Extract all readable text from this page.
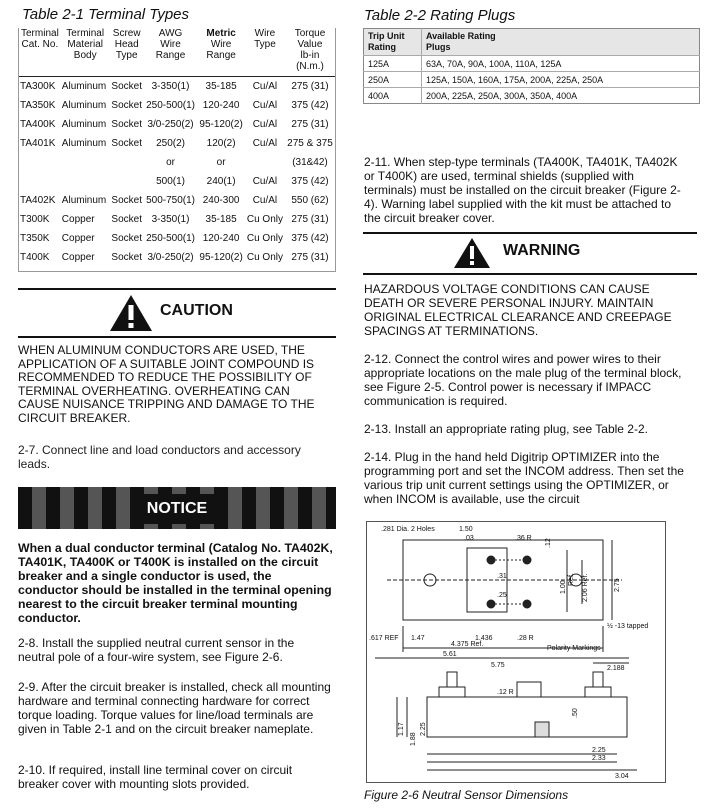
Table 2-1 Terminal Types
Terminal
Cat. No.	Terminal
Material
Body	Screw
Head
Type	AWG
Wire
Range	Metric
Wire
Range	Wire
Type	Torque
Value
lb-in
(N.m.)
TA300K	Aluminum	Socket	3-350(1)	35-185	Cu/Al	275 (31)
TA350K	Aluminum	Socket	250-500(1)	120-240	Cu/Al	375 (42)
TA400K	Aluminum	Socket	3/0-250(2)	95-120(2)	Cu/Al	275 (31)
TA401K	Aluminum	Socket	250(2)	120(2)	Cu/Al	275 & 375
			or	or		(31&42)
			500(1)	240(1)	Cu/Al	375 (42)
TA402K	Aluminum	Socket	500-750(1)	240-300	Cu/Al	550 (62)
T300K	Copper	Socket	3-350(1)	35-185	Cu Only	275 (31)
T350K	Copper	Socket	250-500(1)	120-240	Cu Only	375 (42)
T400K	Copper	Socket	3/0-250(2)	95-120(2)	Cu Only	275 (31)
CAUTION
WHEN ALUMINUM CONDUCTORS ARE USED, THE APPLICATION OF A SUITABLE JOINT COMPOUND IS RECOMMENDED TO REDUCE THE POSSIBILITY OF TERMINAL OVERHEATING. OVERHEATING CAN CAUSE NUISANCE TRIPPING AND DAMAGE TO THE CIRCUIT BREAKER.
2-7. Connect line and load conductors and accessory leads.
NOTICE
When a dual conductor terminal (Catalog No. TA402K, TA401K, TA400K or T400K is installed on the circuit breaker and a single conductor is used, the conductor should be installed in the terminal opening nearest to the circuit breaker terminal mounting conductor.
2-8. Install the supplied neutral current sensor in the neutral pole of a four-wire system, see Figure 2-6.
2-9. After the circuit breaker is installed, check all mounting hardware and terminal connecting hardware for correct torque loading. Torque values for line/load terminals are given in Table 2-1 and on the circuit breaker nameplate.
2-10. If required, install line terminal cover on circuit breaker cover with mounting slots provided.
Table 2-2 Rating Plugs
Trip Unit
Rating	Available Rating
Plugs
125A	63A, 70A, 90A, 100A, 110A, 125A
250A	125A, 150A, 160A, 175A, 200A, 225A, 250A
400A	200A, 225A, 250A, 300A, 350A, 400A
2-11. When step-type terminals (TA400K, TA401K, TA402K or T400K) are used, terminal shields (supplied with terminals) must be installed on the circuit breaker (Figure 2-4). Warning label supplied with the kit must be attached to the circuit breaker cover.
WARNING
HAZARDOUS VOLTAGE CONDITIONS CAN CAUSE DEATH OR SEVERE PERSONAL INJURY. MAINTAIN ORIGINAL ELECTRICAL CLEARANCE AND CREEPAGE SPACINGS AT TERMINATIONS.
2-12. Connect the control wires and power wires to their appropriate locations on the male plug of the terminal block, see Figure 2-5. Control power is necessary if IMPACC communication is required.
2-13. Install an appropriate rating plug, see Table 2-2.
2-14. Plug in the hand held Digitrip OPTIMIZER into the programming port and set the INCOM address. Then set the various trip unit current settings using the OPTIMIZER, or when INCOM is available, use the circuit
.281 Dia. 2 Holes	1.50
.03	.36 R .12
.31
.25
1.00
Ref. 2.06 Ref.	2.75
½ -13 tapped
.617 REF 1.47	1.436	.28 R
4.375 Ref.
5.61
Polarity Markings
5.75	2.188
.12 R
.50
1.17
1.88
2.25
2.25
2.33
3.04
Figure 2-6 Neutral Sensor Dimensions
